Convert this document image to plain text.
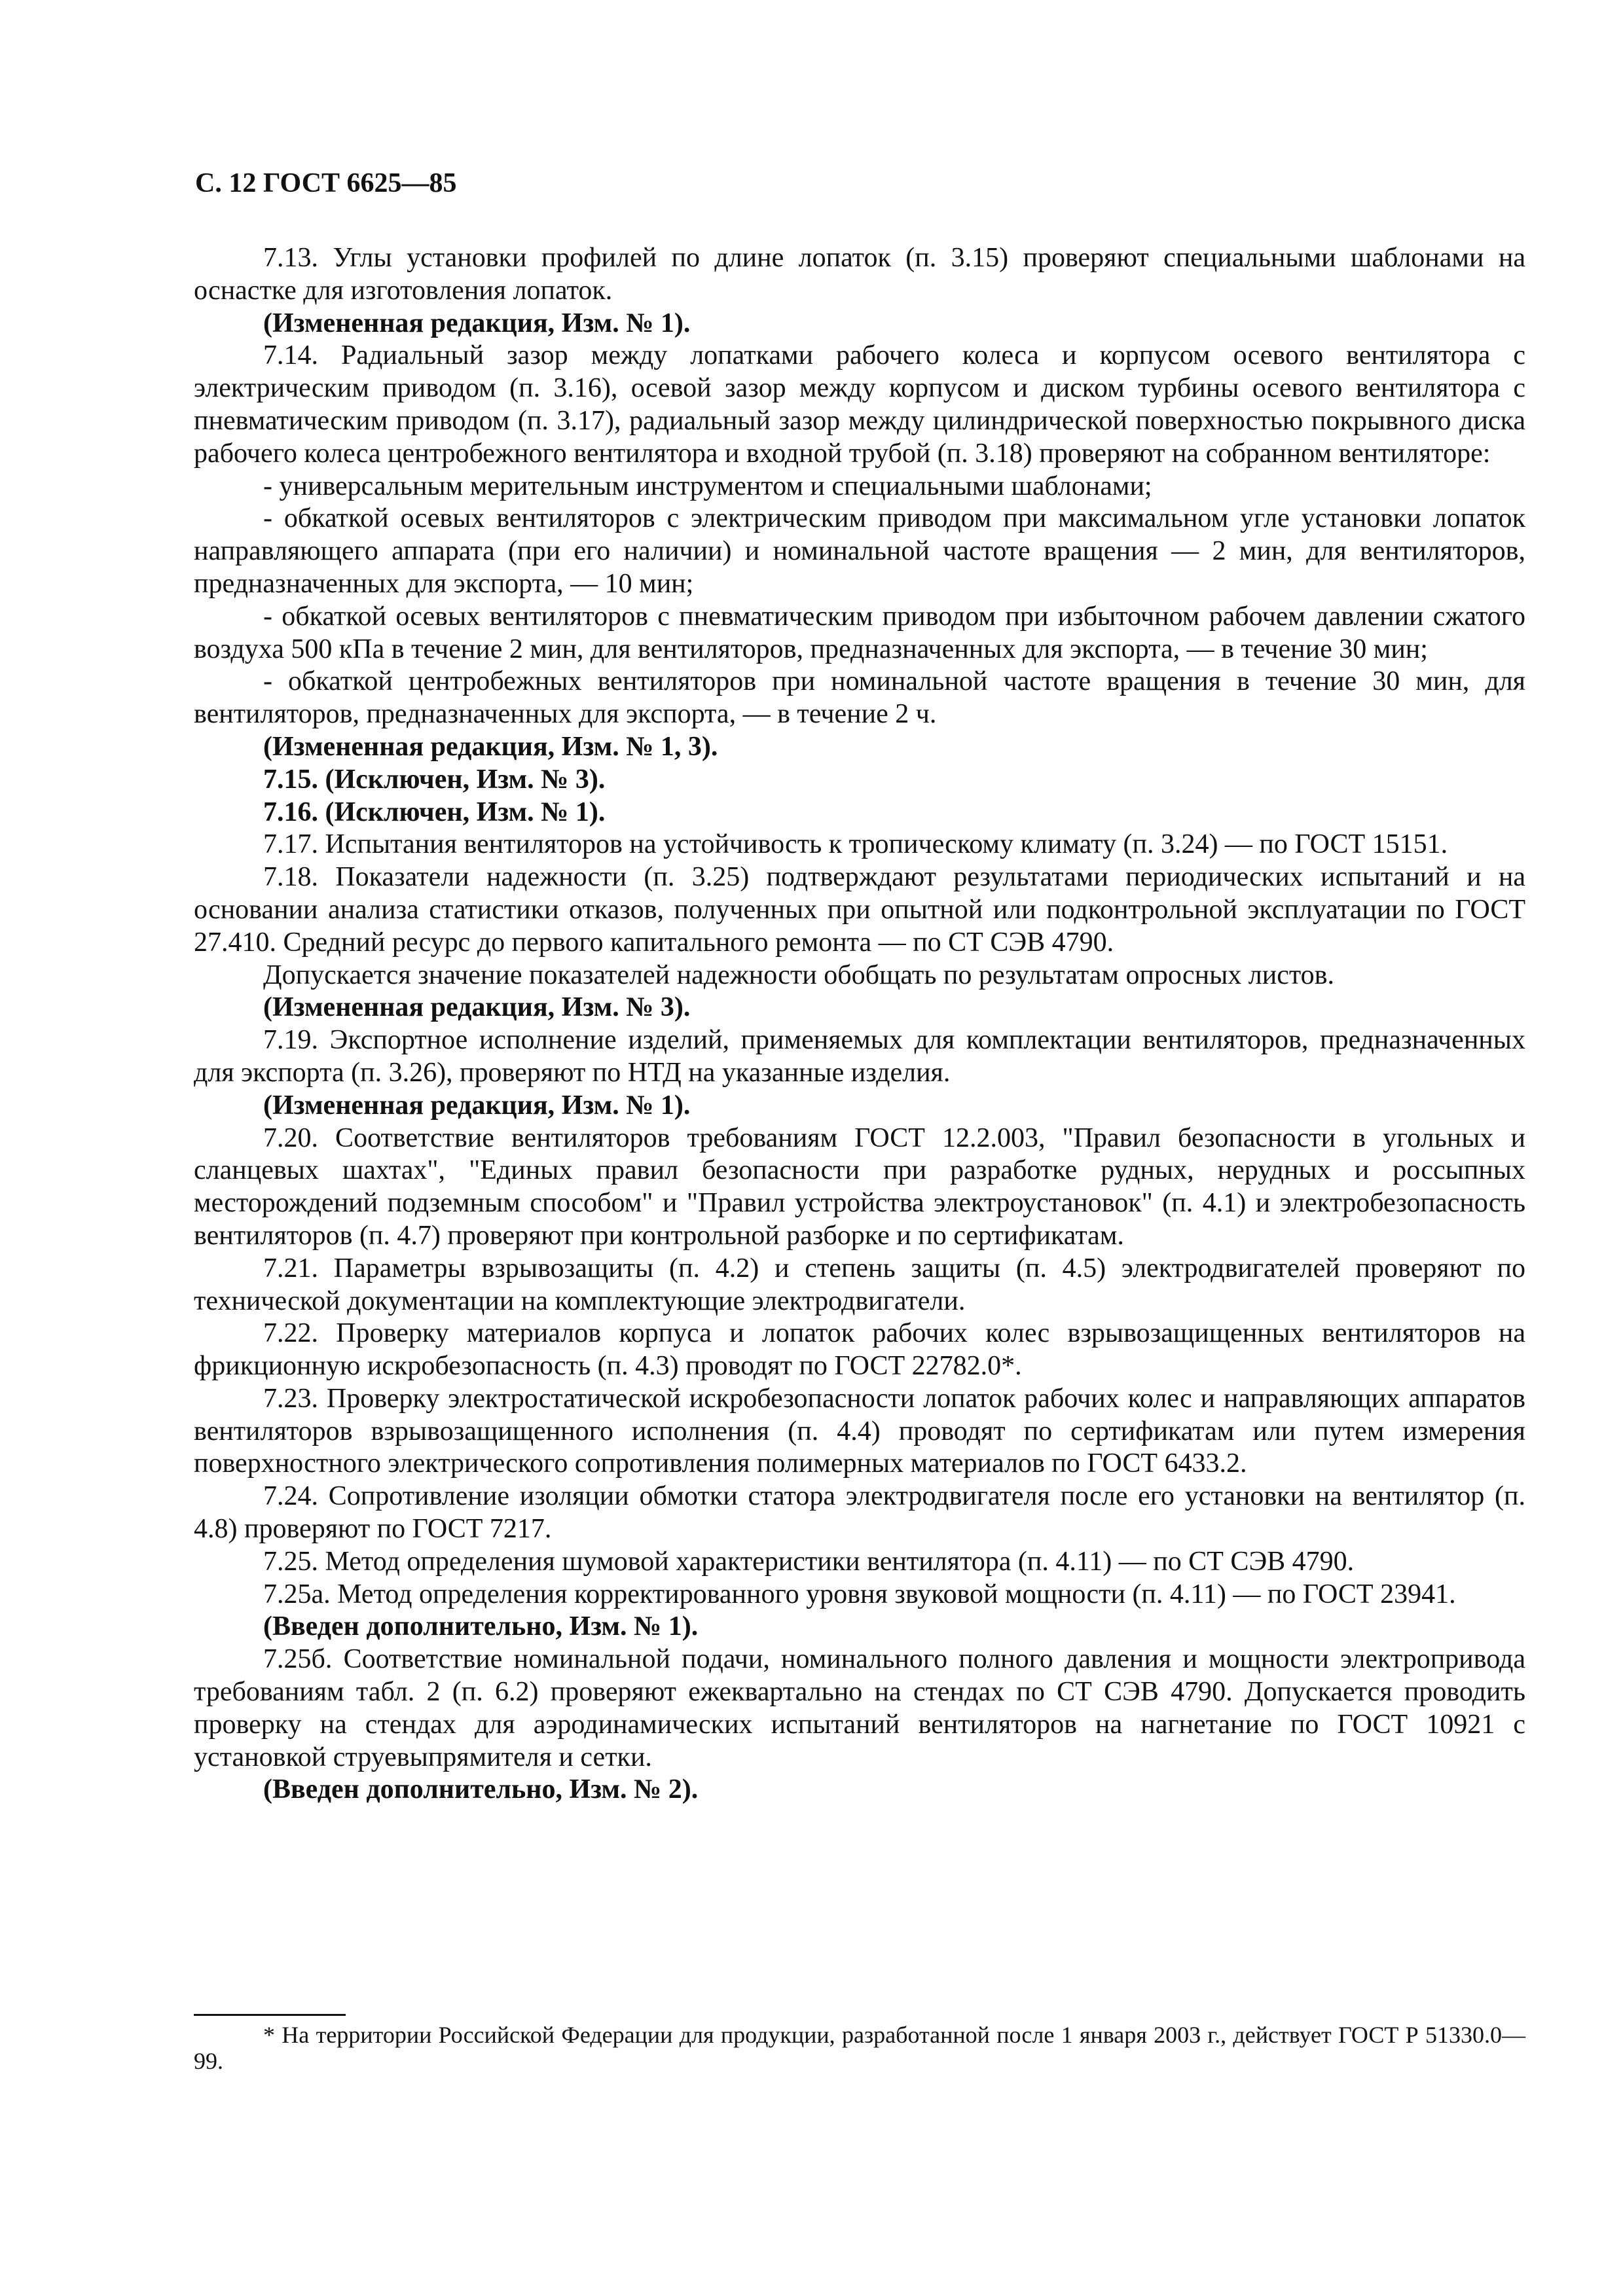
С. 12 ГОСТ 6625—85

7.13. Углы установки профилей по длине лопаток (п. 3.15) проверяют специальными шаблонами на оснастке для изготовления лопаток.

(Измененная редакция, Изм. № 1).

7.14. Радиальный зазор между лопатками рабочего колеса и корпусом осевого вентилятора с электрическим приводом (п. 3.16), осевой зазор между корпусом и диском турбины осевого вентилятора с пневматическим приводом (п. 3.17), радиальный зазор между цилиндрической поверхностью покрывного диска рабочего колеса центробежного вентилятора и входной трубой (п. 3.18) проверяют на собранном вентиляторе:

- универсальным мерительным инструментом и специальными шаблонами;

- обкаткой осевых вентиляторов с электрическим приводом при максимальном угле установки лопаток направляющего аппарата (при его наличии) и номинальной частоте вращения — 2 мин, для вентиляторов, предназначенных для экспорта, — 10 мин;

- обкаткой осевых вентиляторов с пневматическим приводом при избыточном рабочем давлении сжатого воздуха 500 кПа в течение 2 мин, для вентиляторов, предназначенных для экспорта, — в течение 30 мин;

- обкаткой центробежных вентиляторов при номинальной частоте вращения в течение 30 мин, для вентиляторов, предназначенных для экспорта, — в течение 2 ч.

(Измененная редакция, Изм. № 1, 3).

7.15. (Исключен, Изм. № 3).

7.16. (Исключен, Изм. № 1).

7.17. Испытания вентиляторов на устойчивость к тропическому климату (п. 3.24) — по ГОСТ 15151.

7.18. Показатели надежности (п. 3.25) подтверждают результатами периодических испытаний и на основании анализа статистики отказов, полученных при опытной или подконтрольной эксплуатации по ГОСТ 27.410. Средний ресурс до первого капитального ремонта — по СТ СЭВ 4790.

Допускается значение показателей надежности обобщать по результатам опросных листов.

(Измененная редакция, Изм. № 3).

7.19. Экспортное исполнение изделий, применяемых для комплектации вентиляторов, предназначенных для экспорта (п. 3.26), проверяют по НТД на указанные изделия.

(Измененная редакция, Изм. № 1).

7.20. Соответствие вентиляторов требованиям ГОСТ 12.2.003, "Правил безопасности в угольных и сланцевых шахтах", "Единых правил безопасности при разработке рудных, нерудных и россыпных месторождений подземным способом" и "Правил устройства электроустановок" (п. 4.1) и электробезопасность вентиляторов (п. 4.7) проверяют при контрольной разборке и по сертификатам.

7.21. Параметры взрывозащиты (п. 4.2) и степень защиты (п. 4.5) электродвигателей проверяют по технической документации на комплектующие электродвигатели.

7.22. Проверку материалов корпуса и лопаток рабочих колес взрывозащищенных вентиляторов на фрикционную искробезопасность (п. 4.3) проводят по ГОСТ 22782.0*.

7.23. Проверку электростатической искробезопасности лопаток рабочих колес и направляющих аппаратов вентиляторов взрывозащищенного исполнения (п. 4.4) проводят по сертификатам или путем измерения поверхностного электрического сопротивления полимерных материалов по ГОСТ 6433.2.

7.24. Сопротивление изоляции обмотки статора электродвигателя после его установки на вентилятор (п. 4.8) проверяют по ГОСТ 7217.

7.25. Метод определения шумовой характеристики вентилятора (п. 4.11) — по СТ СЭВ 4790.

7.25а. Метод определения корректированного уровня звуковой мощности (п. 4.11) — по ГОСТ 23941.

(Введен дополнительно, Изм. № 1).

7.25б. Соответствие номинальной подачи, номинального полного давления и мощности электропривода требованиям табл. 2 (п. 6.2) проверяют ежеквартально на стендах по СТ СЭВ 4790. Допускается проводить проверку на стендах для аэродинамических испытаний вентиляторов на нагнетание по ГОСТ 10921 с установкой струевыпрямителя и сетки.

(Введен дополнительно, Изм. № 2).

* На территории Российской Федерации для продукции, разработанной после 1 января 2003 г., действует ГОСТ Р 51330.0—99.
